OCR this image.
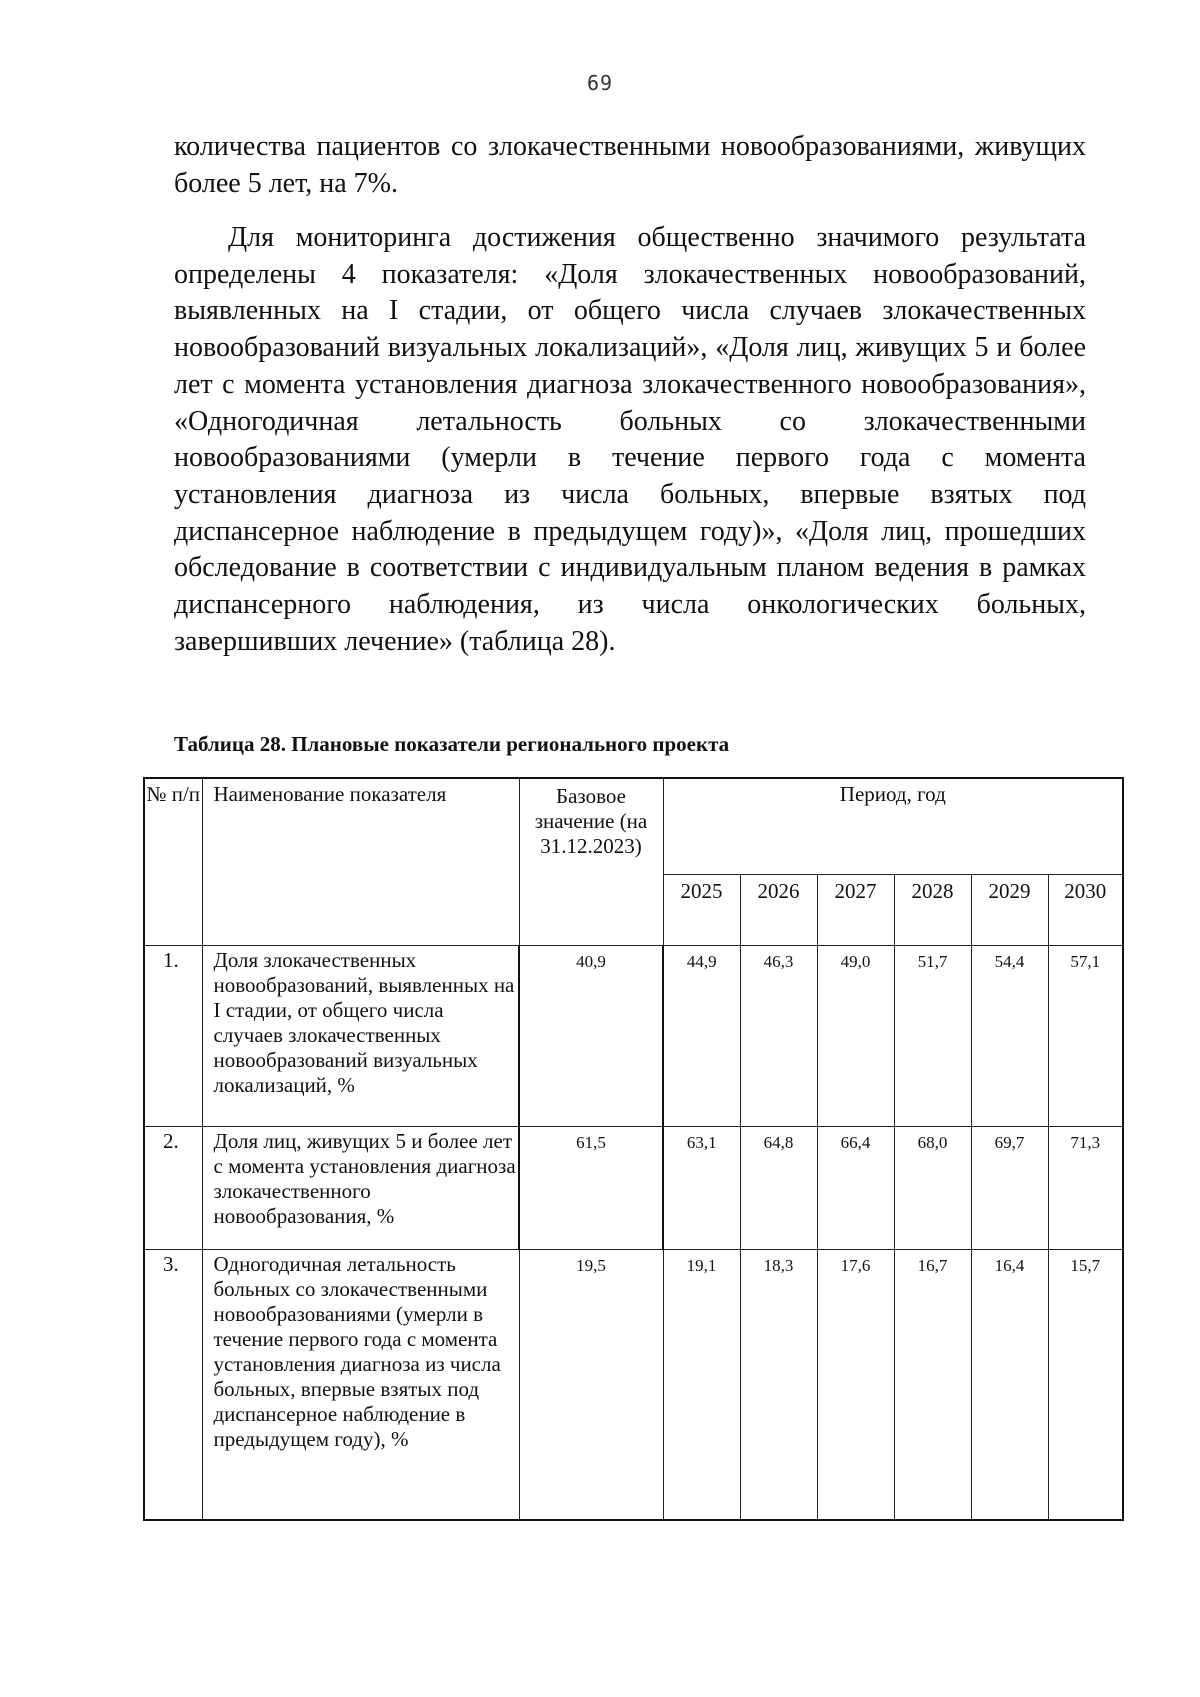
69

количества пациентов со злокачественными новообразованиями, живущих более 5 лет, на 7%.

Для мониторинга достижения общественно значимого результата определены 4 показателя: «Доля злокачественных новообразований, выявленных на I стадии, от общего числа случаев злокачественных новообразований визуальных локализаций», «Доля лиц, живущих 5 и более лет с момента установления диагноза злокачественного новообразования», «Одногодичная летальность больных со злокачественными новообразованиями (умерли в течение первого года с момента установления диагноза из числа больных, впервые взятых под диспансерное наблюдение в предыдущем году)», «Доля лиц, прошедших обследование в соответствии с индивидуальным планом ведения в рамках диспансерного наблюдения, из числа онкологических больных, завершивших лечение» (таблица 28).

Таблица 28. Плановые показатели регионального проекта
№ п/п	Наименование показателя	Базовое значение (на 31.12.2023)	Период, год					
			2025	2026	2027	2028	2029	2030
1.	Доля злокачественных новообразований, выявленных на I стадии, от общего числа случаев злокачественных новообразований визуальных локализаций, %	40,9	44,9	46,3	49,0	51,7	54,4	57,1
2.	Доля лиц, живущих 5 и более лет с момента установления диагноза злокачественного новообразования, %	61,5	63,1	64,8	66,4	68,0	69,7	71,3
3.	Одногодичная летальность больных со злокачественными новообразованиями (умерли в течение первого года с момента установления диагноза из числа больных, впервые взятых под диспансерное наблюдение в предыдущем году), %	19,5	19,1	18,3	17,6	16,7	16,4	15,7
